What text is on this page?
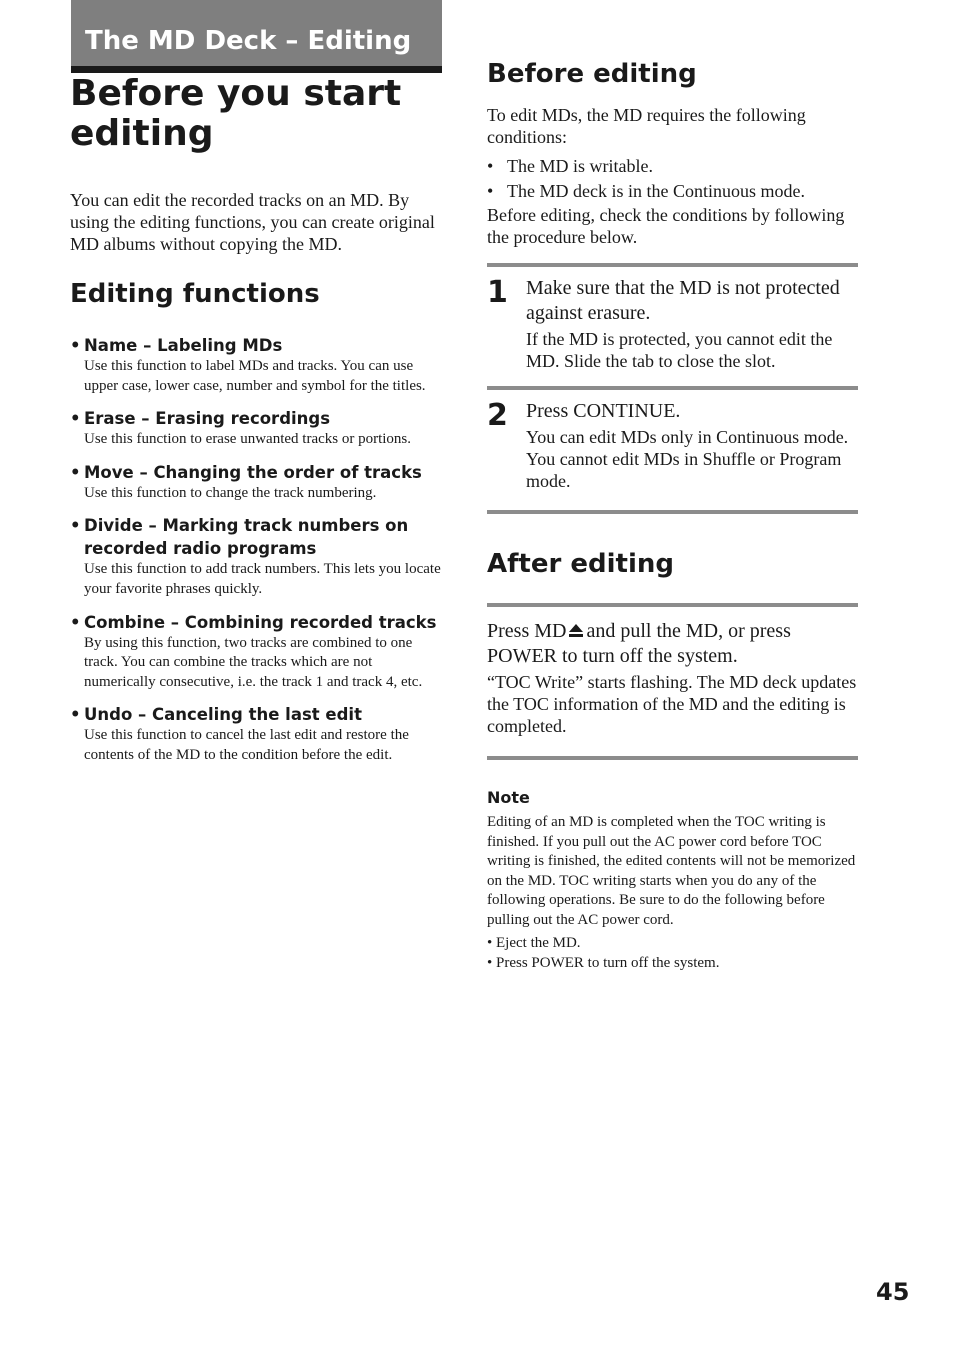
The MD Deck – Editing
Before you start editing

You can edit the recorded tracks on an MD. By using the editing functions, you can create original MD albums without copying the MD.

Editing functions
• Name – Labeling MDs
Use this function to label MDs and tracks. You can use upper case, lower case, number and symbol for the titles.
• Erase – Erasing recordings
Use this function to erase unwanted tracks or portions.
• Move – Changing the order of tracks
Use this function to change the track numbering.
• Divide – Marking track numbers on recorded radio programs
Use this function to add track numbers. This lets you locate your favorite phrases quickly.
• Combine – Combining recorded tracks
By using this function, two tracks are combined to one track. You can combine the tracks which are not numerically consecutive, i.e. the track 1 and track 4, etc.
• Undo – Canceling the last edit
Use this function to cancel the last edit and restore the contents of the MD to the condition before the edit.
Before editing

To edit MDs, the MD requires the following conditions:

• The MD is writable.
• The MD deck is in the Continuous mode.

Before editing, check the conditions by following the procedure below.

1 Make sure that the MD is not protected against erasure.

If the MD is protected, you cannot edit the MD. Slide the tab to close the slot.

2 Press CONTINUE.

You can edit MDs only in Continuous mode. You cannot edit MDs in Shuffle or Program mode.

After editing

Press MD and pull the MD, or press POWER to turn off the system.

“TOC Write” starts flashing. The MD deck updates the TOC information of the MD and the editing is completed.

Note

Editing of an MD is completed when the TOC writing is finished. If you pull out the AC power cord before TOC writing is finished, the edited contents will not be memorized on the MD. TOC writing starts when you do any of the following operations. Be sure to do the following before pulling out the AC power cord.

• Eject the MD.
• Press POWER to turn off the system.
45
